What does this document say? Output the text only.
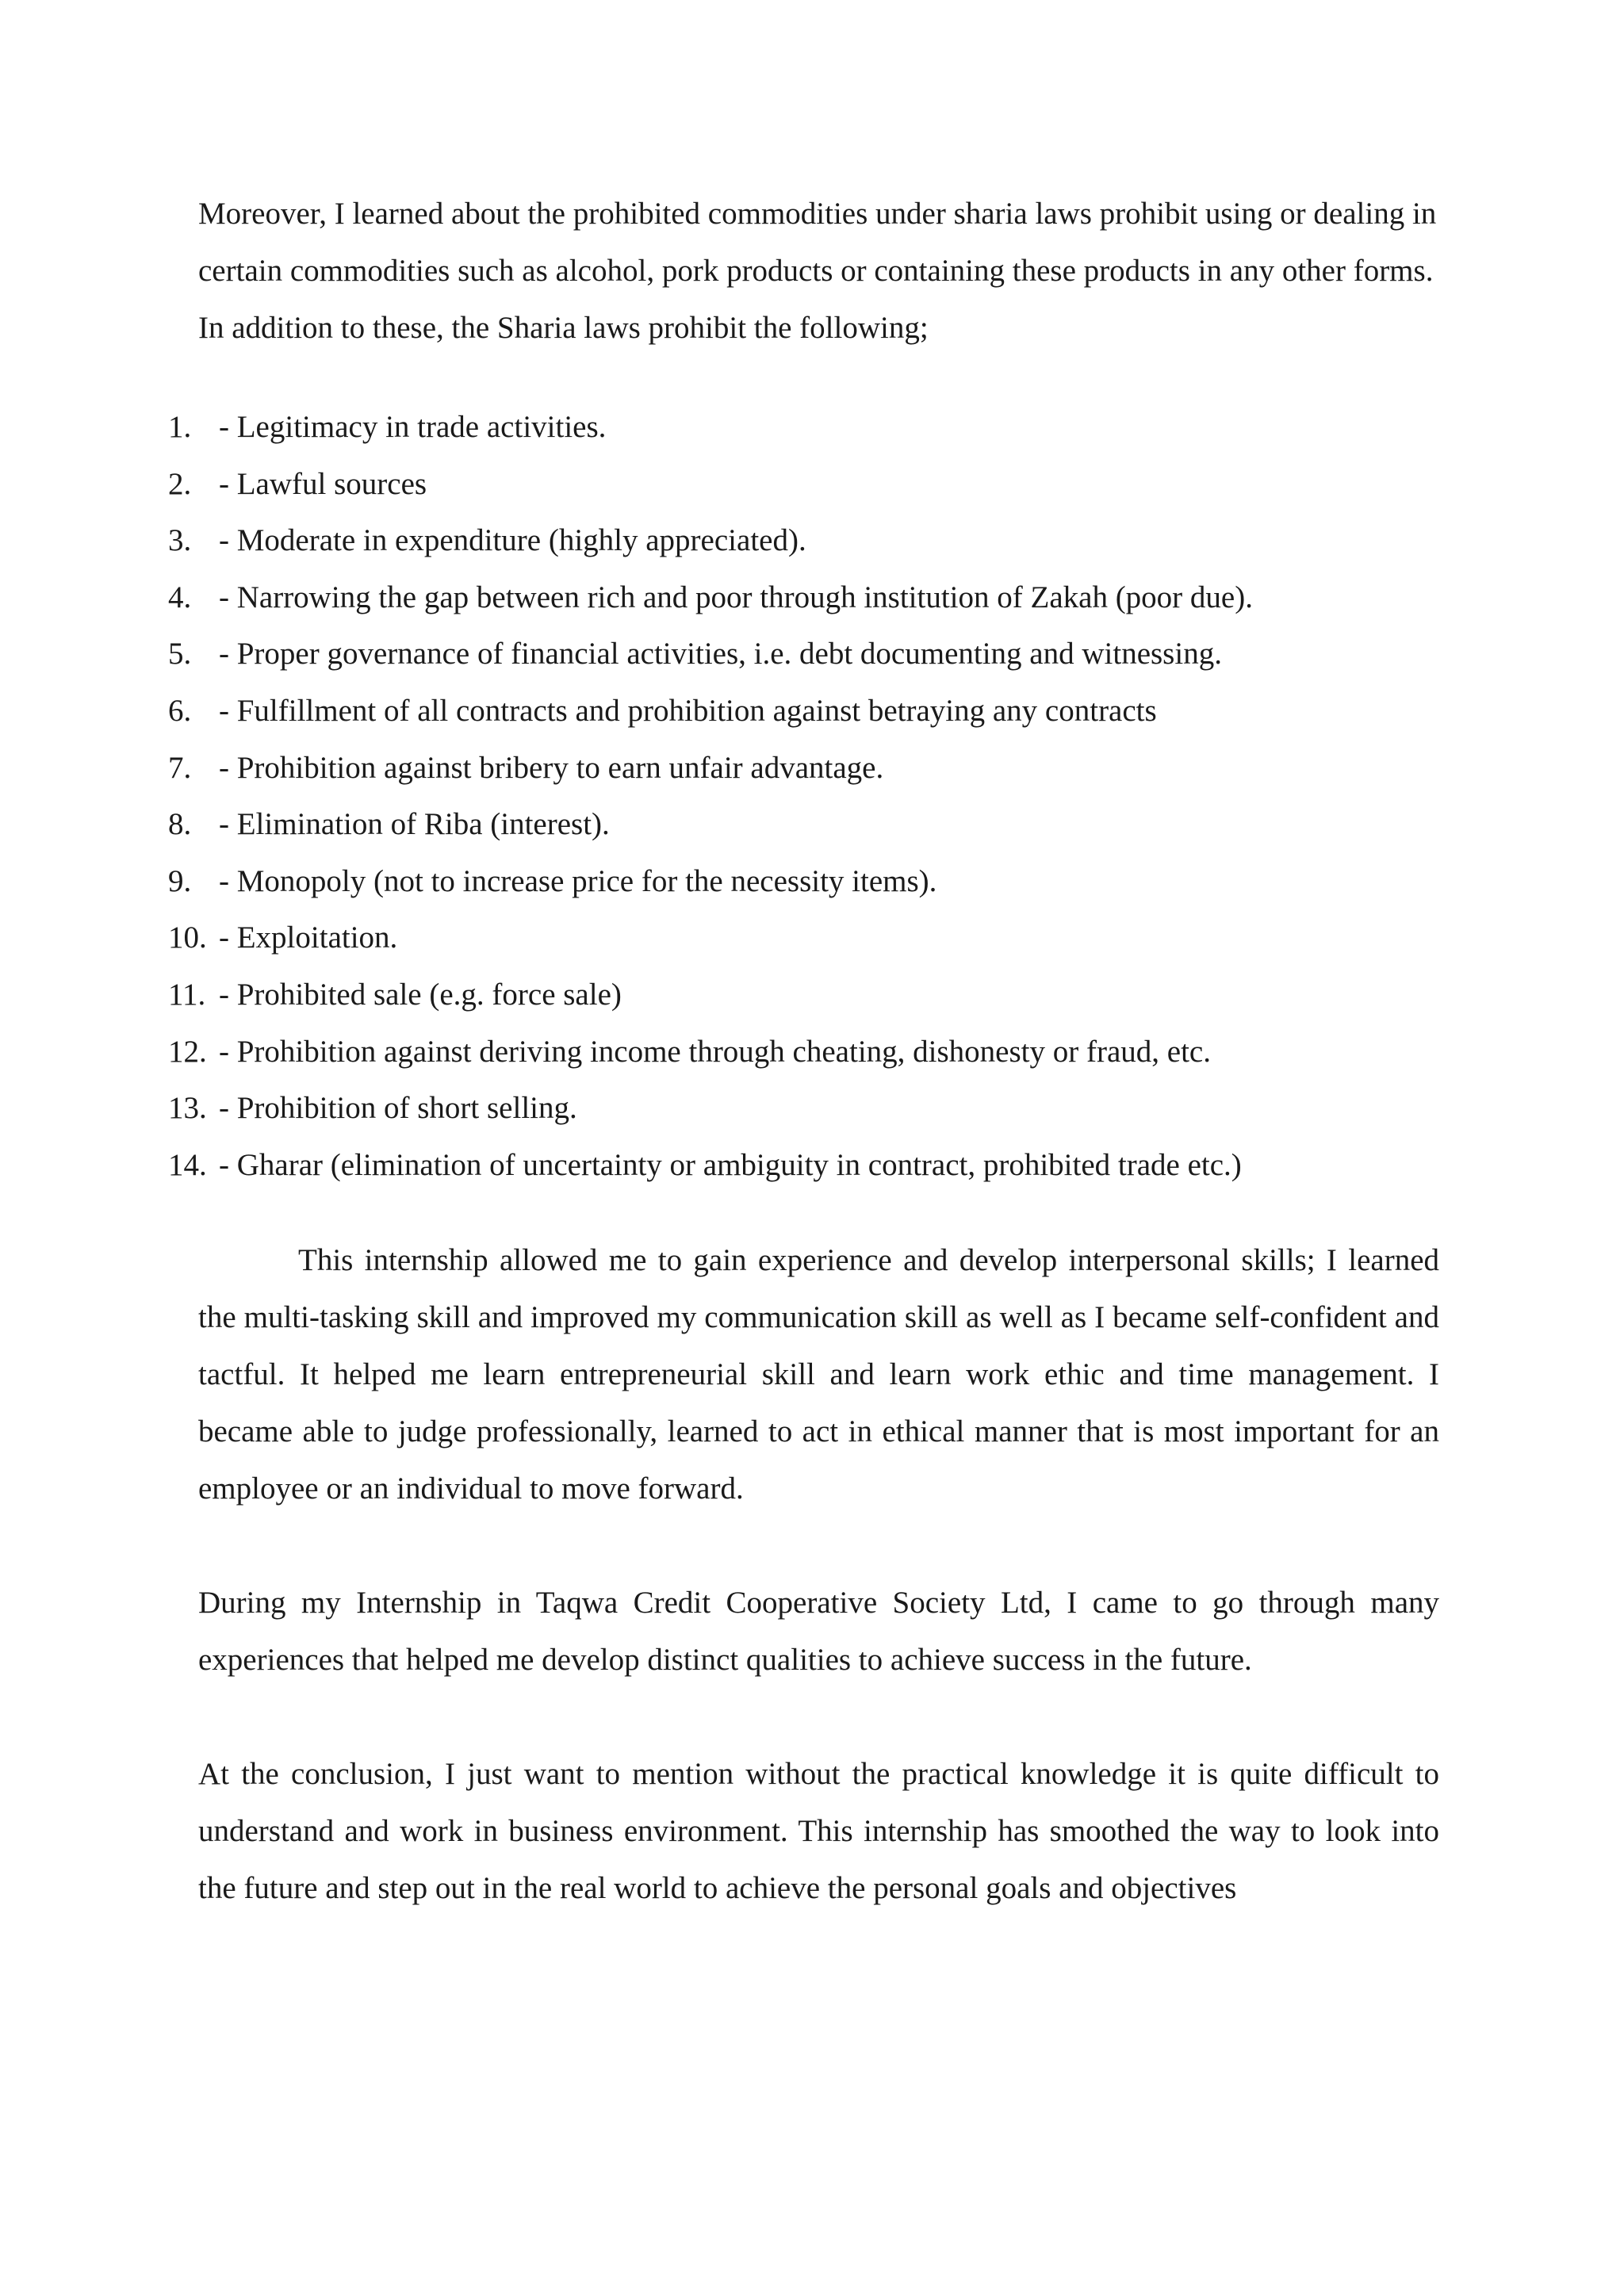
Moreover, I learned about the prohibited commodities under sharia laws prohibit using or dealing in certain commodities such as alcohol, pork products or containing these products in any other forms. In addition to these, the Sharia laws prohibit the following;

1. - Legitimacy in trade activities.
2. - Lawful sources
3. - Moderate in expenditure (highly appreciated).
4. - Narrowing the gap between rich and poor through institution of Zakah (poor due).
5. - Proper governance of financial activities, i.e. debt documenting and witnessing.
6. - Fulfillment of all contracts and prohibition against betraying any contracts
7. - Prohibition against bribery to earn unfair advantage.
8. - Elimination of Riba (interest).
9. - Monopoly (not to increase price for the necessity items).
10. - Exploitation.
11. - Prohibited sale (e.g. force sale)
12. - Prohibition against deriving income through cheating, dishonesty or fraud, etc.
13. - Prohibition of short selling.
14. - Gharar (elimination of uncertainty or ambiguity in contract, prohibited trade etc.)

This internship allowed me to gain experience and develop interpersonal skills; I learned the multi-tasking skill and improved my communication skill as well as I became self-confident and tactful. It helped me learn entrepreneurial skill and learn work ethic and time management. I became able to judge professionally, learned to act in ethical manner that is most important for an employee or an individual to move forward.

During my Internship in Taqwa Credit Cooperative Society Ltd, I came to go through many experiences that helped me develop distinct qualities to achieve success in the future.

At the conclusion, I just want to mention without the practical knowledge it is quite difficult to understand and work in business environment. This internship has smoothed the way to look into the future and step out in the real world to achieve the personal goals and objectives
